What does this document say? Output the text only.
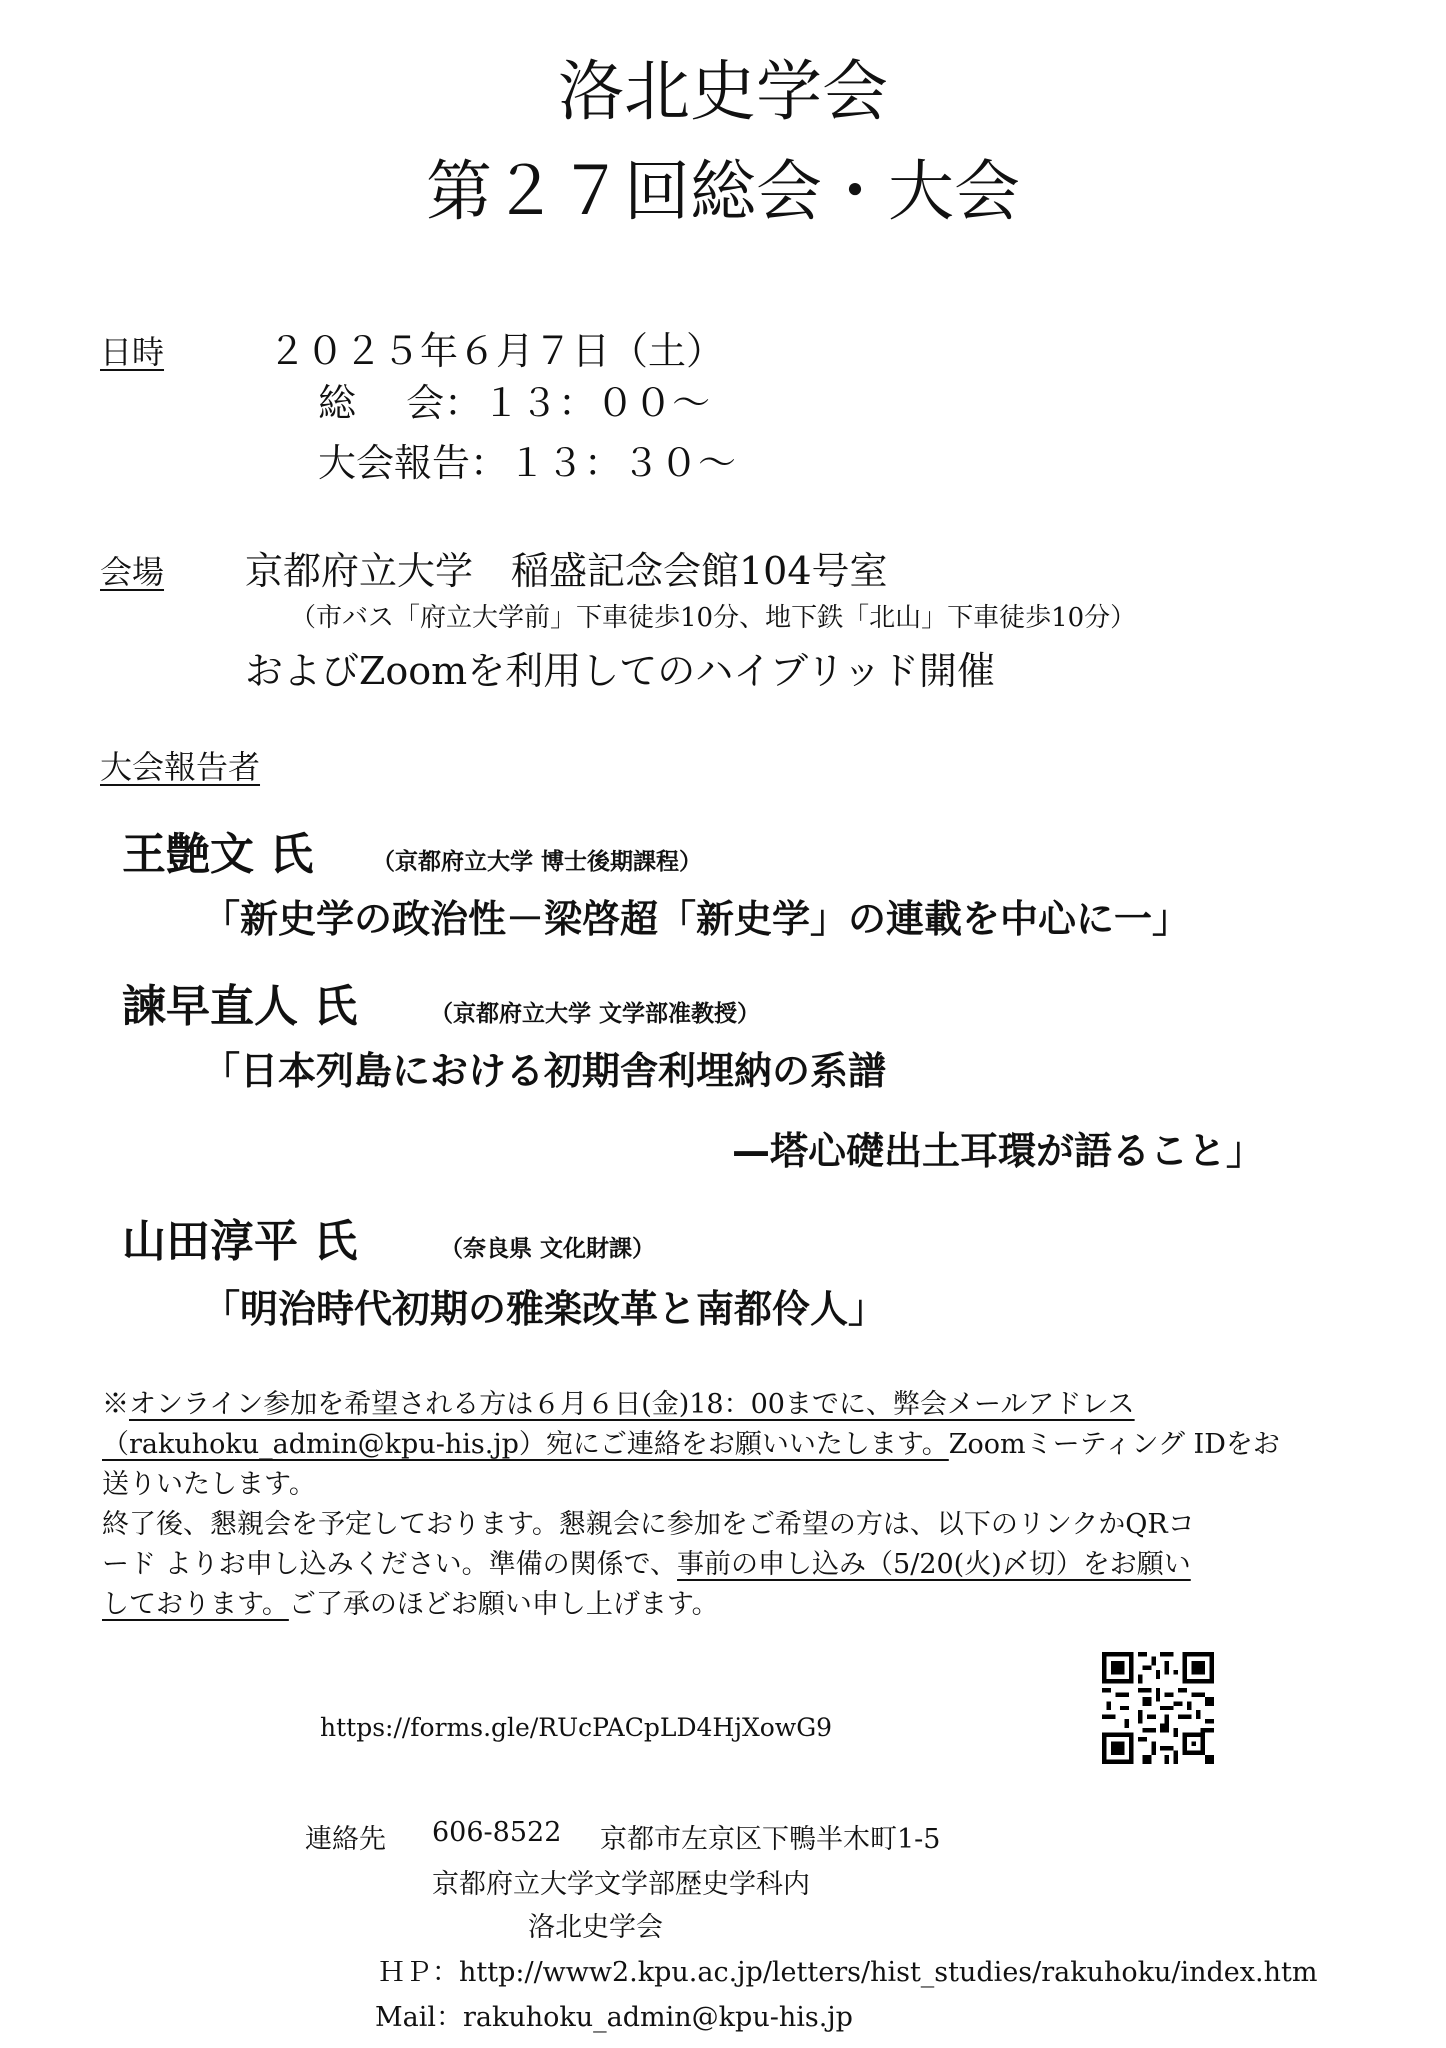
洛北史学会
第２７回総会・大会
日時	２０２５年６月７日（土）
総　 会：１３：００～
大会報告：１３：３０～
会場 京都府立大学　稲盛記念会館104号室
（市バス「府立大学前」下車徒歩10分、地下鉄「北山」下車徒歩10分）
およびZoomを利用してのハイブリッド開催
大会報告者
王艶文 氏	（京都府立大学 博士後期課程）
「新史学の政治性－梁啓超「新史学」の連載を中心に一」
諫早直人 氏	（京都府立大学 文学部准教授）
「日本列島における初期舎利埋納の系譜
—塔心礎出土耳環が語ること」
山田淳平 氏	（奈良県 文化財課）
「明治時代初期の雅楽改革と南都伶人」
※オンライン参加を希望される方は６月６日(金)18：00までに、弊会メールアドレス
（rakuhoku_admin@kpu-his.jp）宛にご連絡をお願いいたします。Zoomミーティング IDをお
送りいたします。
終了後、懇親会を予定しております。懇親会に参加をご希望の方は、以下のリンクかQRコ
ード よりお申し込みください。準備の関係で、事前の申し込み（5/20(火)〆切）をお願い
しております。ご了承のほどお願い申し上げます。
https://forms.gle/RUcPACpLD4HjXowG9
連絡先 606-8522 京都市左京区下鴨半木町1-5
京都府立大学文学部歴史学科内
洛北史学会
ＨＰ：http://www2.kpu.ac.jp/letters/hist_studies/rakuhoku/index.htm
Mail：rakuhoku_admin@kpu-his.jp
